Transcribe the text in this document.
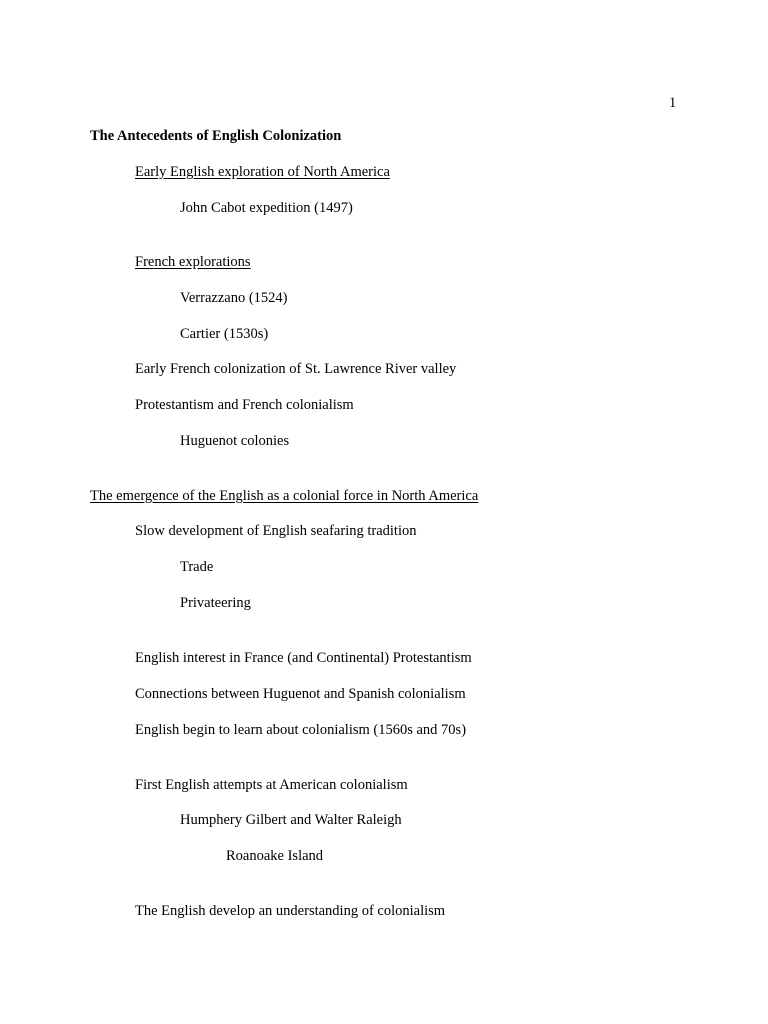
1
The Antecedents of English Colonization
Early English exploration of North America
John Cabot expedition (1497)
French explorations
Verrazzano (1524)
Cartier (1530s)
Early French colonization of St. Lawrence River valley
Protestantism and French colonialism
Huguenot colonies
The emergence of the English as a colonial force in North America
Slow development of English seafaring tradition
Trade
Privateering
English interest in France (and Continental) Protestantism
Connections between Huguenot and Spanish colonialism
English begin to learn about colonialism (1560s and 70s)
First English attempts at American colonialism
Humphery Gilbert and Walter Raleigh
Roanoake Island
The English develop an understanding of colonialism
